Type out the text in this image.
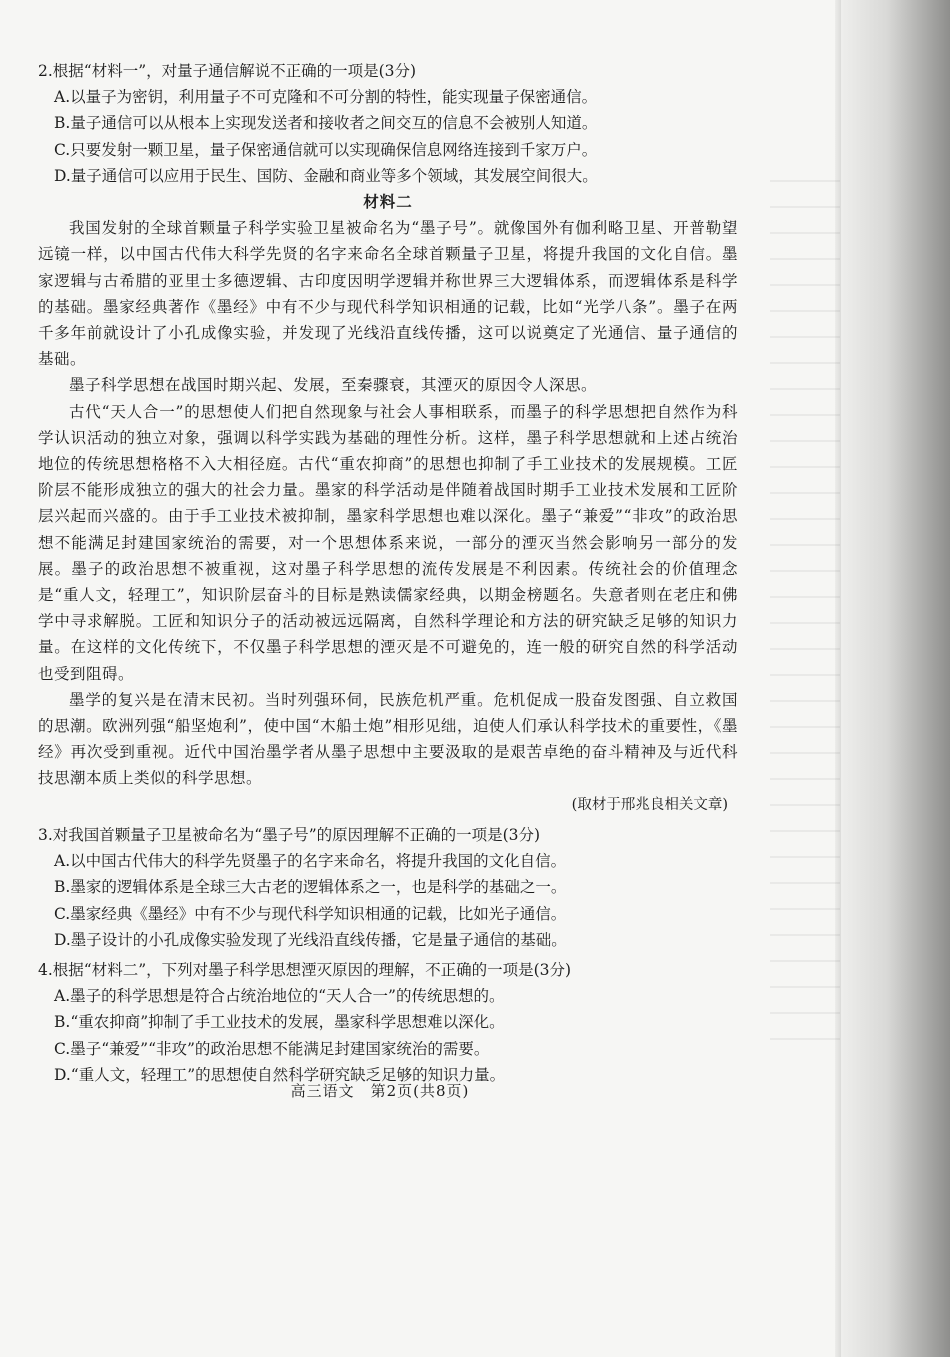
2.根据“材料一”，对量子通信解说不正确的一项是(3分)

A.以量子为密钥，利用量子不可克隆和不可分割的特性，能实现量子保密通信。

B.量子通信可以从根本上实现发送者和接收者之间交互的信息不会被别人知道。

C.只要发射一颗卫星，量子保密通信就可以实现确保信息网络连接到千家万户。

D.量子通信可以应用于民生、国防、金融和商业等多个领域，其发展空间很大。

材料二

我国发射的全球首颗量子科学实验卫星被命名为“墨子号”。就像国外有伽利略卫星、开普勒望远镜一样，以中国古代伟大科学先贤的名字来命名全球首颗量子卫星，将提升我国的文化自信。墨家逻辑与古希腊的亚里士多德逻辑、古印度因明学逻辑并称世界三大逻辑体系，而逻辑体系是科学的基础。墨家经典著作《墨经》中有不少与现代科学知识相通的记载，比如“光学八条”。墨子在两千多年前就设计了小孔成像实验，并发现了光线沿直线传播，这可以说奠定了光通信、量子通信的基础。

墨子科学思想在战国时期兴起、发展，至秦骤衰，其湮灭的原因令人深思。

古代“天人合一”的思想使人们把自然现象与社会人事相联系，而墨子的科学思想把自然作为科学认识活动的独立对象，强调以科学实践为基础的理性分析。这样，墨子科学思想就和上述占统治地位的传统思想格格不入大相径庭。古代“重农抑商”的思想也抑制了手工业技术的发展规模。工匠阶层不能形成独立的强大的社会力量。墨家的科学活动是伴随着战国时期手工业技术发展和工匠阶层兴起而兴盛的。由于手工业技术被抑制，墨家科学思想也难以深化。墨子“兼爱”“非攻”的政治思想不能满足封建国家统治的需要，对一个思想体系来说，一部分的湮灭当然会影响另一部分的发展。墨子的政治思想不被重视，这对墨子科学思想的流传发展是不利因素。传统社会的价值理念是“重人文，轻理工”，知识阶层奋斗的目标是熟读儒家经典，以期金榜题名。失意者则在老庄和佛学中寻求解脱。工匠和知识分子的活动被远远隔离，自然科学理论和方法的研究缺乏足够的知识力量。在这样的文化传统下，不仅墨子科学思想的湮灭是不可避免的，连一般的研究自然的科学活动也受到阻碍。

墨学的复兴是在清末民初。当时列强环伺，民族危机严重。危机促成一股奋发图强、自立救国的思潮。欧洲列强“船坚炮利”，使中国“木船土炮”相形见绌，迫使人们承认科学技术的重要性，《墨经》再次受到重视。近代中国治墨学者从墨子思想中主要汲取的是艰苦卓绝的奋斗精神及与近代科技思潮本质上类似的科学思想。

(取材于邢兆良相关文章)

3.对我国首颗量子卫星被命名为“墨子号”的原因理解不正确的一项是(3分)

A.以中国古代伟大的科学先贤墨子的名字来命名，将提升我国的文化自信。

B.墨家的逻辑体系是全球三大古老的逻辑体系之一，也是科学的基础之一。

C.墨家经典《墨经》中有不少与现代科学知识相通的记载，比如光子通信。

D.墨子设计的小孔成像实验发现了光线沿直线传播，它是量子通信的基础。

4.根据“材料二”，下列对墨子科学思想湮灭原因的理解，不正确的一项是(3分)

A.墨子的科学思想是符合占统治地位的“天人合一”的传统思想的。

B.“重农抑商”抑制了手工业技术的发展，墨家科学思想难以深化。

C.墨子“兼爱”“非攻”的政治思想不能满足封建国家统治的需要。

D.“重人文，轻理工”的思想使自然科学研究缺乏足够的知识力量。

高三语文　第2页(共8页)
